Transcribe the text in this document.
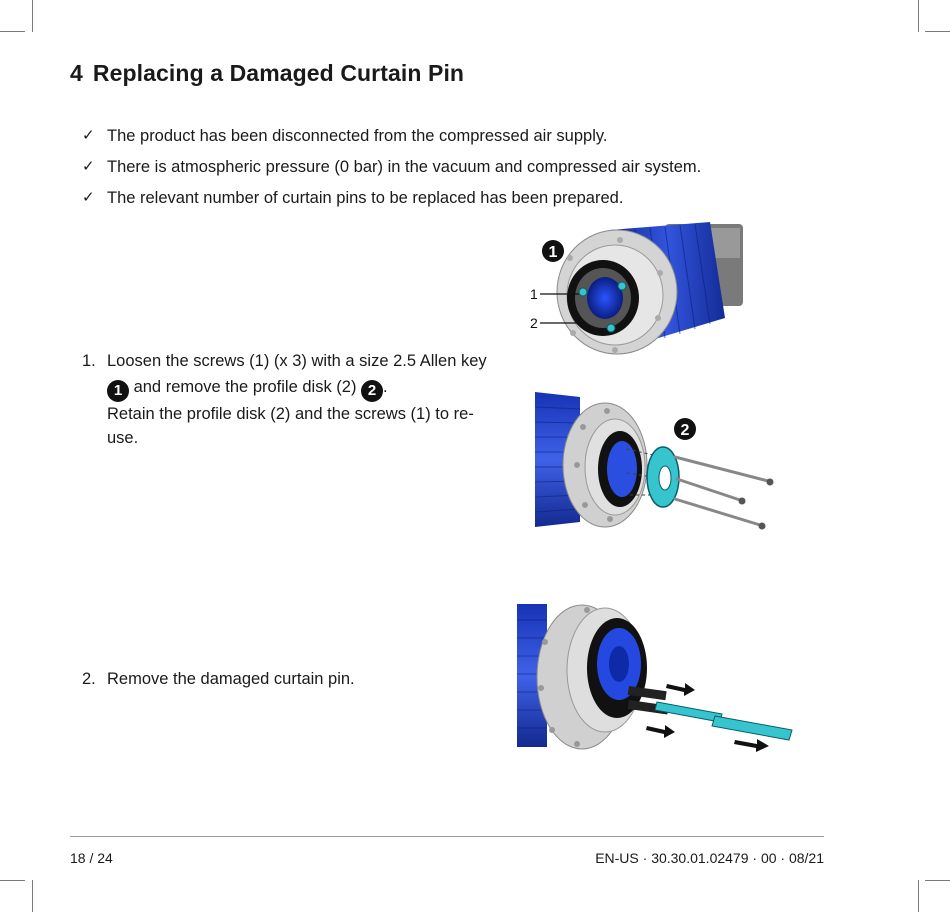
4 Replacing a Damaged Curtain Pin
✓ The product has been disconnected from the compressed air supply.
✓ There is atmospheric pressure (0 bar) in the vacuum and compressed air system.
✓ The relevant number of curtain pins to be replaced has been prepared.
1. Loosen the screws (1) (x 3) with a size 2.5 Allen key
1 and remove the profile disk (2) 2 .
Retain the profile disk (2) and the screws (1) to re-
use.
2. Remove the damaged curtain pin.
1
1
2
2
18 / 24	EN-US · 30.30.01.02479 · 00 · 08/21
